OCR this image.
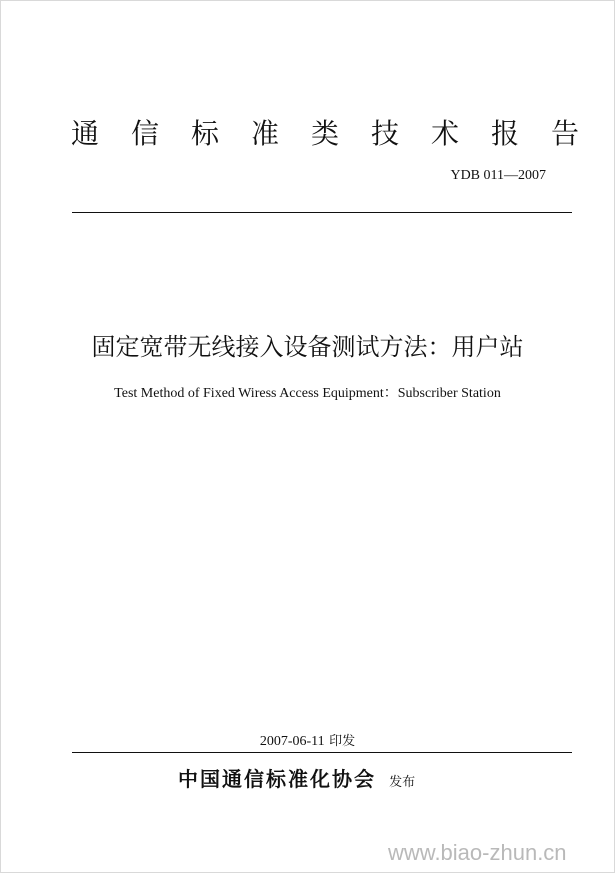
通 信 标 准 类 技 术 报 告
YDB 011—2007
固定宽带无线接入设备测试方法：用户站
Test Method of Fixed Wiress Access Equipment：Subscriber Station
2007-06-11 印发
中国通信标准化协会 发布
www.biao-zhun.cn
